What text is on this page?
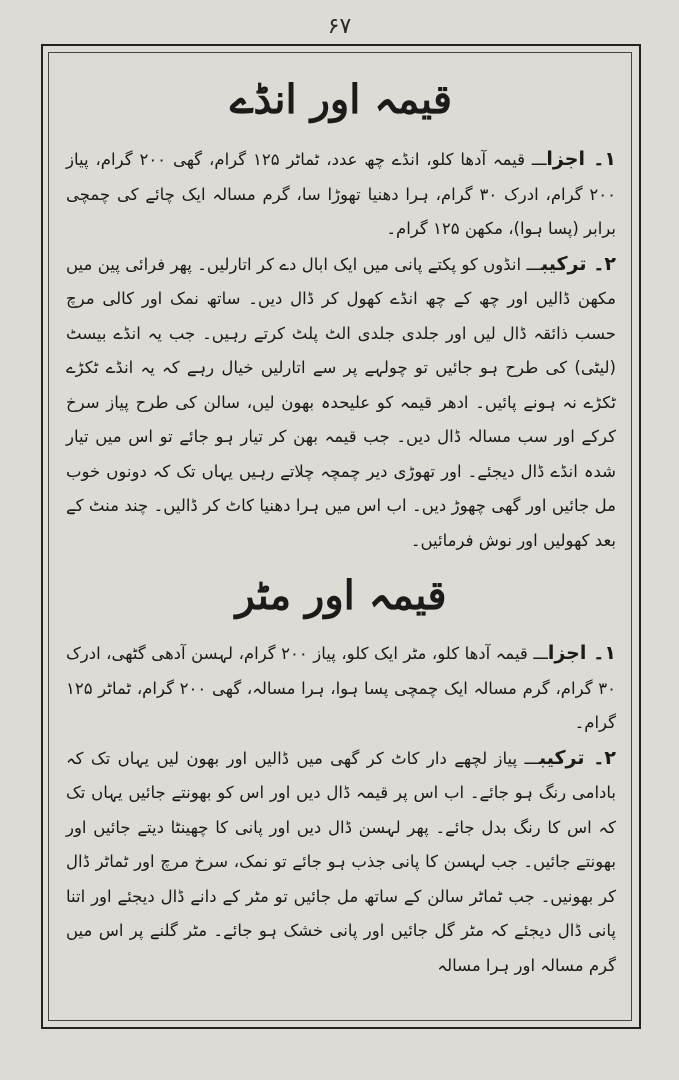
۶۷
قیمہ اور انڈے

۱۔ اجزاـــ قیمہ آدھا کلو، انڈے چھ عدد، ٹماٹر ۱۲۵ گرام، گھی ۲۰۰ گرام، پیاز ۲۰۰ گرام، ادرک ۳۰ گرام، ہرا دھنیا تھوڑا سا، گرم مسالہ ایک چائے کی چمچی برابر (پسا ہوا)، مکھن ۱۲۵ گرام۔

۲۔ ترکیبـــ انڈوں کو پکتے پانی میں ایک ابال دے کر اتارلیں۔ پھر فرائی پین میں مکھن ڈالیں اور چھ کے چھ انڈے کھول کر ڈال دیں۔ ساتھ نمک اور کالی مرچ حسب ذائقہ ڈال لیں اور جلدی جلدی الٹ پلٹ کرتے رہیں۔ جب یہ انڈے بیسٹ (لیٹی) کی طرح ہو جائیں تو چولہے پر سے اتارلیں خیال رہے کہ یہ انڈے ٹکڑے ٹکڑے نہ ہونے پائیں۔ ادھر قیمہ کو علیحدہ بھون لیں، سالن کی طرح پیاز سرخ کرکے اور سب مسالہ ڈال دیں۔ جب قیمہ بھن کر تیار ہو جائے تو اس میں تیار شدہ انڈے ڈال دیجئے۔ اور تھوڑی دیر چمچہ چلاتے رہیں یہاں تک کہ دونوں خوب مل جائیں اور گھی چھوڑ دیں۔ اب اس میں ہرا دھنیا کاٹ کر ڈالیں۔ چند منٹ کے بعد کھولیں اور نوش فرمائیں۔

قیمہ اور مٹر

۱۔ اجزاـــ قیمہ آدھا کلو، مٹر ایک کلو، پیاز ۲۰۰ گرام، لہسن آدھی گٹھی، ادرک ۳۰ گرام، گرم مسالہ ایک چمچی پسا ہوا، ہرا مسالہ، گھی ۲۰۰ گرام، ٹماٹر ۱۲۵ گرام۔

۲۔ ترکیبـــ پیاز لچھے دار کاٹ کر گھی میں ڈالیں اور بھون لیں یہاں تک کہ بادامی رنگ ہو جائے۔ اب اس پر قیمہ ڈال دیں اور اس کو بھونتے جائیں یہاں تک کہ اس کا رنگ بدل جائے۔ پھر لہسن ڈال دیں اور پانی کا چھینٹا دیتے جائیں اور بھونتے جائیں۔ جب لہسن کا پانی جذب ہو جائے تو نمک، سرخ مرچ اور ٹماٹر ڈال کر بھونیں۔ جب ٹماٹر سالن کے ساتھ مل جائیں تو مٹر کے دانے ڈال دیجئے اور اتنا پانی ڈال دیجئے کہ مٹر گل جائیں اور پانی خشک ہو جائے۔ مٹر گلنے پر اس میں گرم مسالہ اور ہرا مسالہ
